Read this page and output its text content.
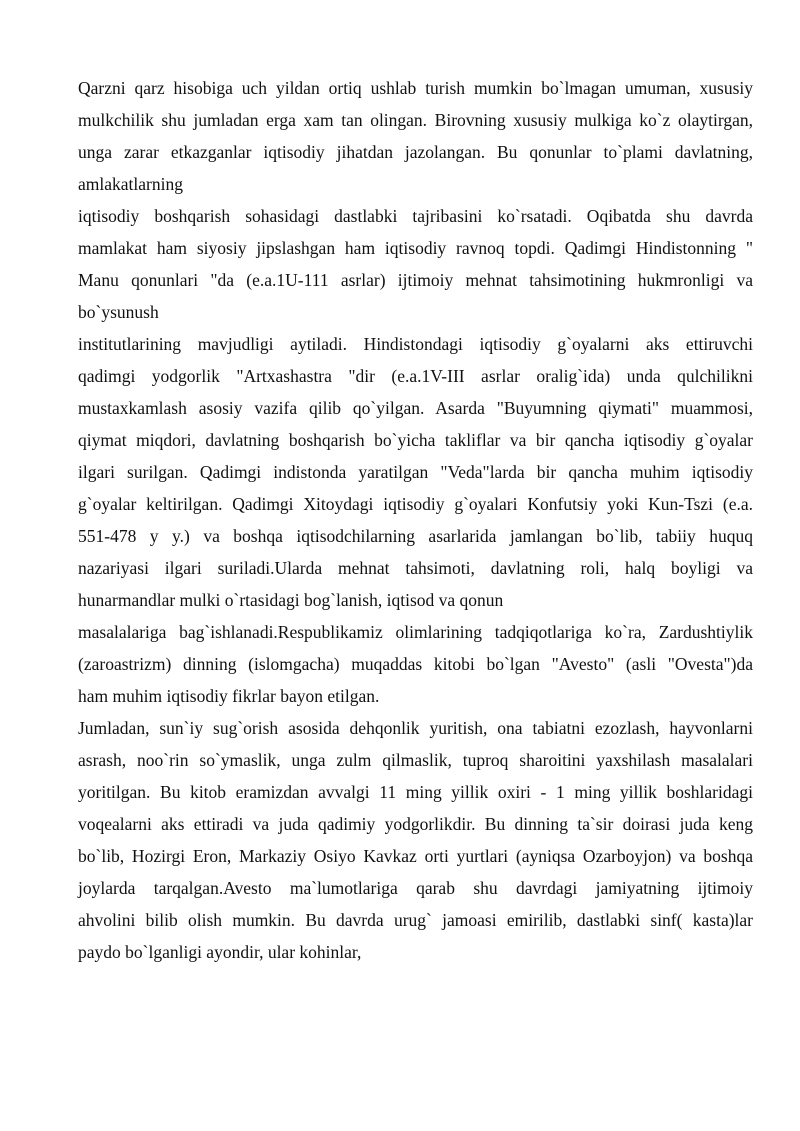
Qarzni qarz hisobiga uch yildan ortiq ushlab turish mumkin bo`lmagan umuman, xususiy
mulkchilik shu jumladan erga xam tan olingan. Birovning xususiy mulkiga ko`z olaytirgan,
unga zarar etkazganlar iqtisodiy jihatdan jazolangan. Bu qonunlar to`plami davlatning,
amlakatlarning
iqtisodiy boshqarish sohasidagi dastlabki tajribasini ko`rsatadi. Oqibatda shu davrda
mamlakat ham siyosiy jipslashgan ham iqtisodiy ravnoq topdi. Qadimgi Hindistonning "
Manu qonunlari "da (e.a.1U-111 asrlar) ijtimoiy mehnat tahsimotining hukmronligi va
bo`ysunush
institutlarining mavjudligi aytiladi. Hindistondagi iqtisodiy g`oyalarni aks ettiruvchi
qadimgi yodgorlik "Artxashastra "dir (e.a.1V-III asrlar oralig`ida) unda qulchilikni
mustaxkamlash asosiy vazifa qilib qo`yilgan. Asarda "Buyumning qiymati" muammosi,
qiymat miqdori, davlatning boshqarish bo`yicha takliflar va bir qancha iqtisodiy g`oyalar
ilgari surilgan. Qadimgi indistonda yaratilgan "Veda"larda bir qancha muhim iqtisodiy
g`oyalar keltirilgan. Qadimgi Xitoydagi iqtisodiy g`oyalari Konfutsiy yoki Kun-Tszi (e.a.
551-478 y y.) va boshqa iqtisodchilarning asarlarida jamlangan bo`lib, tabiiy huquq
nazariyasi ilgari suriladi.Ularda mehnat tahsimoti, davlatning roli, halq boyligi va
hunarmandlar mulki o`rtasidagi bog`lanish, iqtisod va qonun
masalalariga bag`ishlanadi.Respublikamiz olimlarining tadqiqotlariga ko`ra, Zardushtiylik
(zaroastrizm) dinning (islomgacha) muqaddas kitobi bo`lgan "Avesto" (asli "Ovesta")da
ham muhim iqtisodiy fikrlar bayon etilgan.
Jumladan, sun`iy sug`orish asosida dehqonlik yuritish, ona tabiatni ezozlash, hayvonlarni
asrash, noo`rin so`ymaslik, unga zulm qilmaslik, tuproq sharoitini yaxshilash masalalari
yoritilgan. Bu kitob eramizdan avvalgi 11 ming yillik oxiri - 1 ming yillik boshlaridagi
voqealarni aks ettiradi va juda qadimiy yodgorlikdir. Bu dinning ta`sir doirasi juda keng
bo`lib, Hozirgi Eron, Markaziy Osiyo Kavkaz orti yurtlari (ayniqsa Ozarboyjon) va boshqa
joylarda tarqalgan.Avesto ma`lumotlariga qarab shu davrdagi jamiyatning ijtimoiy
ahvolini bilib olish mumkin. Bu davrda urug` jamoasi emirilib, dastlabki sinf( kasta)lar
paydo bo`lganligi ayondir, ular kohinlar,
